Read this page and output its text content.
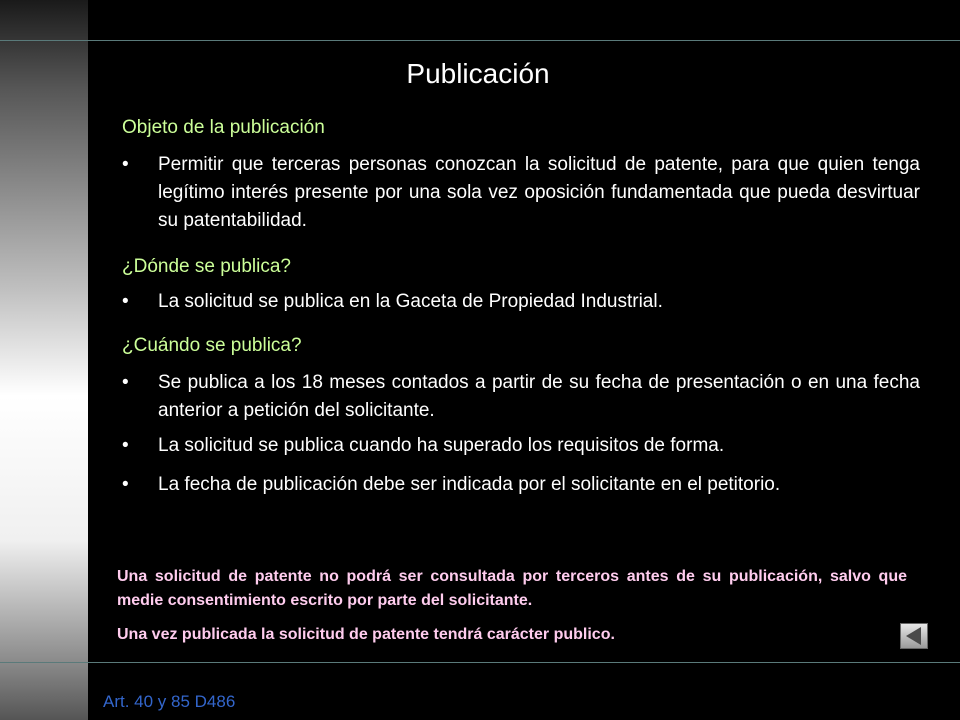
Publicación
Objeto de la publicación
• Permitir que terceras personas conozcan la solicitud de patente, para que quien tenga legítimo interés presente por una sola vez oposición fundamentada que pueda desvirtuar su patentabilidad.
¿Dónde se publica?
• La solicitud se publica en la Gaceta de Propiedad Industrial.
¿Cuándo se publica?
• Se publica a los 18 meses contados a partir de su fecha de presentación o en una fecha anterior a petición del solicitante.
• La solicitud se publica cuando ha superado los requisitos de forma.
• La fecha de publicación debe ser indicada por el solicitante en el petitorio.
Una solicitud de patente no podrá ser consultada por terceros antes de su publicación, salvo que medie consentimiento escrito por parte del solicitante.
Una vez publicada la solicitud de patente tendrá carácter publico.
Art. 40 y 85 D486
